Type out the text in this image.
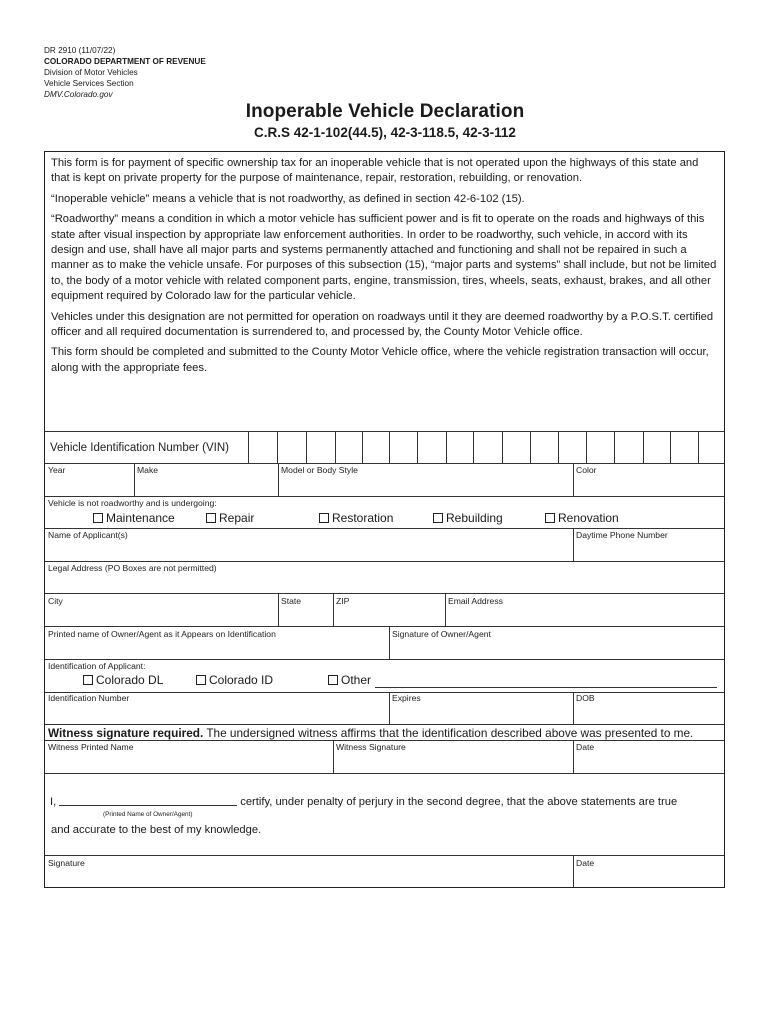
DR 2910 (11/07/22)
COLORADO DEPARTMENT OF REVENUE
Division of Motor Vehicles
Vehicle Services Section
DMV.Colorado.gov
Inoperable Vehicle Declaration
C.R.S 42-1-102(44.5), 42-3-118.5, 42-3-112

This form is for payment of specific ownership tax for an inoperable vehicle that is not operated upon the highways of this state and that is kept on private property for the purpose of maintenance, repair, restoration, rebuilding, or renovation.

“Inoperable vehicle” means a vehicle that is not roadworthy, as defined in section 42-6-102 (15).

“Roadworthy” means a condition in which a motor vehicle has sufficient power and is fit to operate on the roads and highways of this state after visual inspection by appropriate law enforcement authorities. In order to be roadworthy, such vehicle, in accord with its design and use, shall have all major parts and systems permanently attached and functioning and shall not be repaired in such a manner as to make the vehicle unsafe. For purposes of this subsection (15), “major parts and systems” shall include, but not be limited to, the body of a motor vehicle with related component parts, engine, transmission, tires, wheels, seats, exhaust, brakes, and all other equipment required by Colorado law for the particular vehicle.

Vehicles under this designation are not permitted for operation on roadways until it they are deemed roadworthy by a P.O.S.T. certified officer and all required documentation is surrendered to, and processed by, the County Motor Vehicle office.

This form should be completed and submitted to the County Motor Vehicle office, where the vehicle registration transaction will occur, along with the appropriate fees.

Vehicle Identification Number (VIN)
Year	Make	Model or Body Style	Color
Vehicle is not roadworthy and is undergoing:
Maintenance	Repair	Restoration	Rebuilding	Renovation
Name of Applicant(s)	Daytime Phone Number
Legal Address (PO Boxes are not permitted)
City	State	ZIP	Email Address
Printed name of Owner/Agent as it Appears on Identification	Signature of Owner/Agent
Identification of Applicant:
Colorado DL	Colorado ID	Other
Identification Number	Expires	DOB
Witness signature required. The undersigned witness affirms that the identification described above was presented to me.
Witness Printed Name	Witness Signature	Date
I,	certify, under penalty of perjury in the second degree, that the above statements are true
(Printed Name of Owner/Agent)
and accurate to the best of my knowledge.
Signature	Date
